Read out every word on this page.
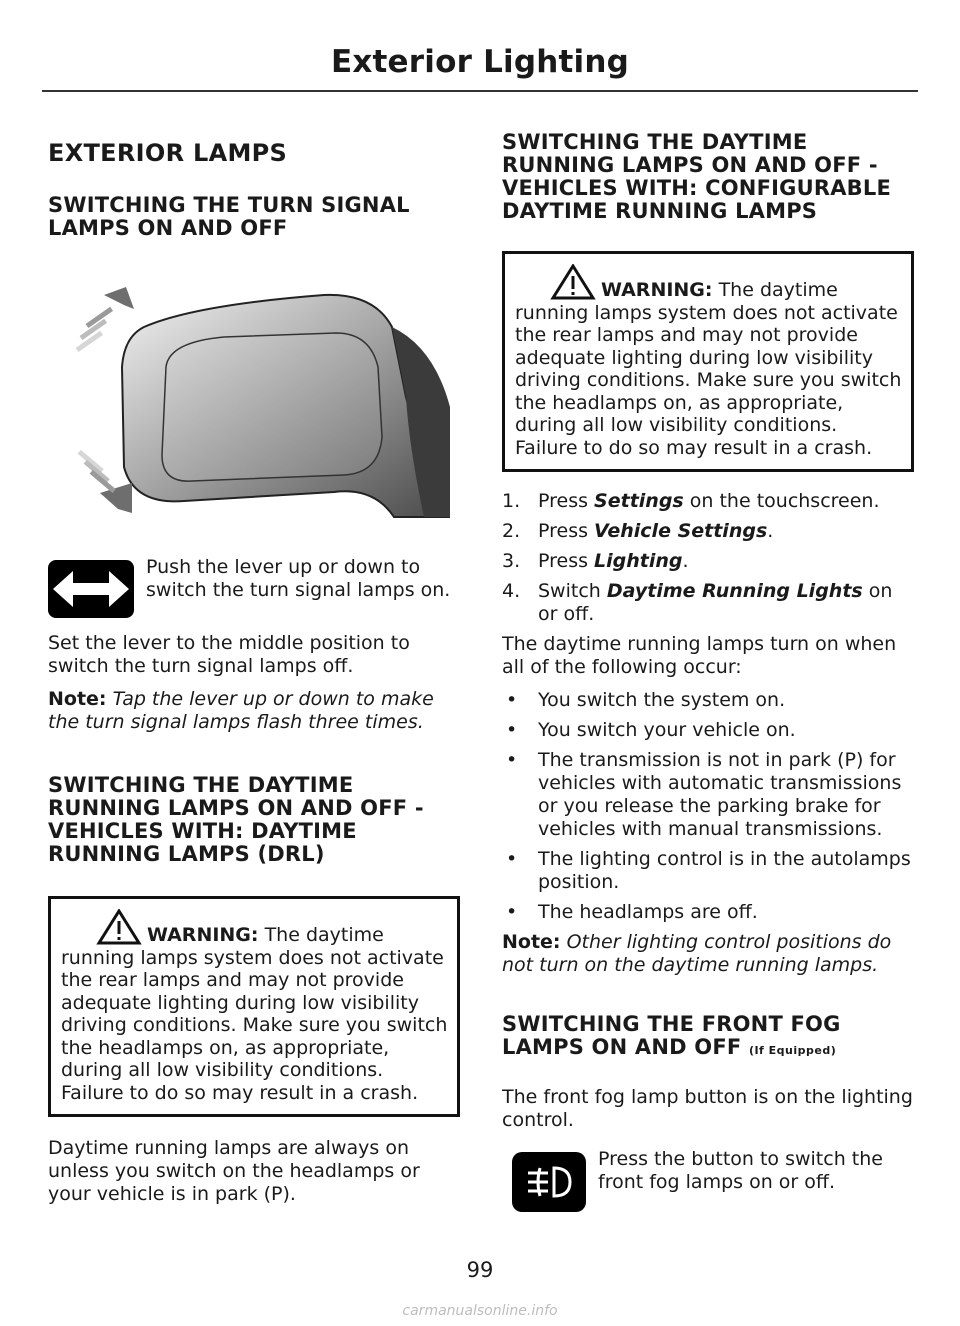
Exterior Lighting
EXTERIOR LAMPS
SWITCHING THE TURN SIGNAL LAMPS ON AND OFF

Push the lever up or down to switch the turn signal lamps on.

Set the lever to the middle position to switch the turn signal lamps off.

Note: Tap the lever up or down to make the turn signal lamps flash three times.

SWITCHING THE DAYTIME RUNNING LAMPS ON AND OFF - VEHICLES WITH: DAYTIME RUNNING LAMPS (DRL)

WARNING: The daytime running lamps system does not activate the rear lamps and may not provide adequate lighting during low visibility driving conditions. Make sure you switch the headlamps on, as appropriate, during all low visibility conditions. Failure to do so may result in a crash.

Daytime running lamps are always on unless you switch on the headlamps or your vehicle is in park (P).

SWITCHING THE DAYTIME RUNNING LAMPS ON AND OFF - VEHICLES WITH: CONFIGURABLE DAYTIME RUNNING LAMPS

WARNING: The daytime running lamps system does not activate the rear lamps and may not provide adequate lighting during low visibility driving conditions. Make sure you switch the headlamps on, as appropriate, during all low visibility conditions. Failure to do so may result in a crash.

1. Press Settings on the touchscreen.
2. Press Vehicle Settings.
3. Press Lighting.
4. Switch Daytime Running Lights on or off.

The daytime running lamps turn on when all of the following occur:

•	You switch the system on.
•	You switch your vehicle on.
•	The transmission is not in park (P) for vehicles with automatic transmissions or you release the parking brake for vehicles with manual transmissions.
•	The lighting control is in the autolamps position.
•	The headlamps are off.

Note: Other lighting control positions do not turn on the daytime running lamps.

SWITCHING THE FRONT FOG LAMPS ON AND OFF (If Equipped)

The front fog lamp button is on the lighting control.

Press the button to switch the front fog lamps on or off.

99
carmanualsonline.info
